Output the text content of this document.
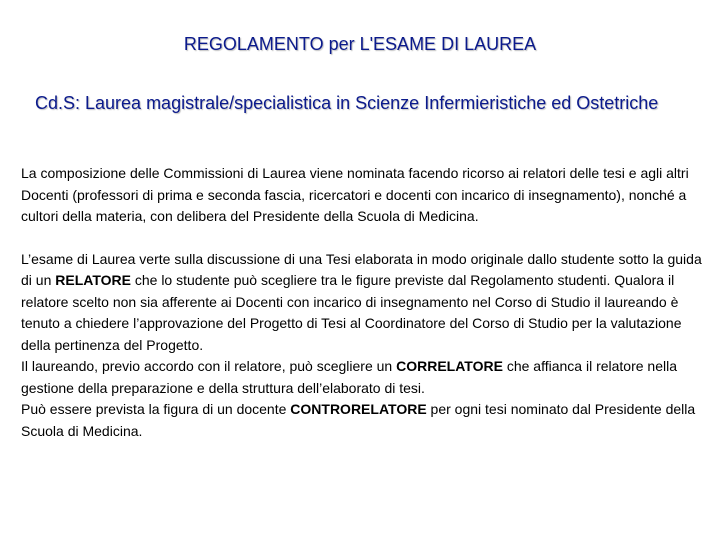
REGOLAMENTO per L'ESAME DI LAUREA
Cd.S: Laurea magistrale/specialistica in Scienze Infermieristiche ed Ostetriche

La composizione delle Commissioni di Laurea viene nominata facendo ricorso ai relatori delle tesi e agli altri Docenti (professori di prima e seconda fascia, ricercatori e docenti con incarico di insegnamento), nonché a cultori della materia, con delibera del Presidente della Scuola di Medicina.

L’esame di Laurea verte sulla discussione di una Tesi elaborata in modo originale dallo studente sotto la guida di un RELATORE che lo studente può scegliere tra le figure previste dal Regolamento studenti. Qualora il relatore scelto non sia afferente ai Docenti con incarico di insegnamento nel Corso di Studio il laureando è tenuto a chiedere l’approvazione del Progetto di Tesi al Coordinatore del Corso di Studio per la valutazione della pertinenza del Progetto.

Il laureando, previo accordo con il relatore, può scegliere un CORRELATORE che affianca il relatore nella gestione della preparazione e della struttura dell’elaborato di tesi.

Può essere prevista la figura di un docente CONTRORELATORE per ogni tesi nominato dal Presidente della Scuola di Medicina.
